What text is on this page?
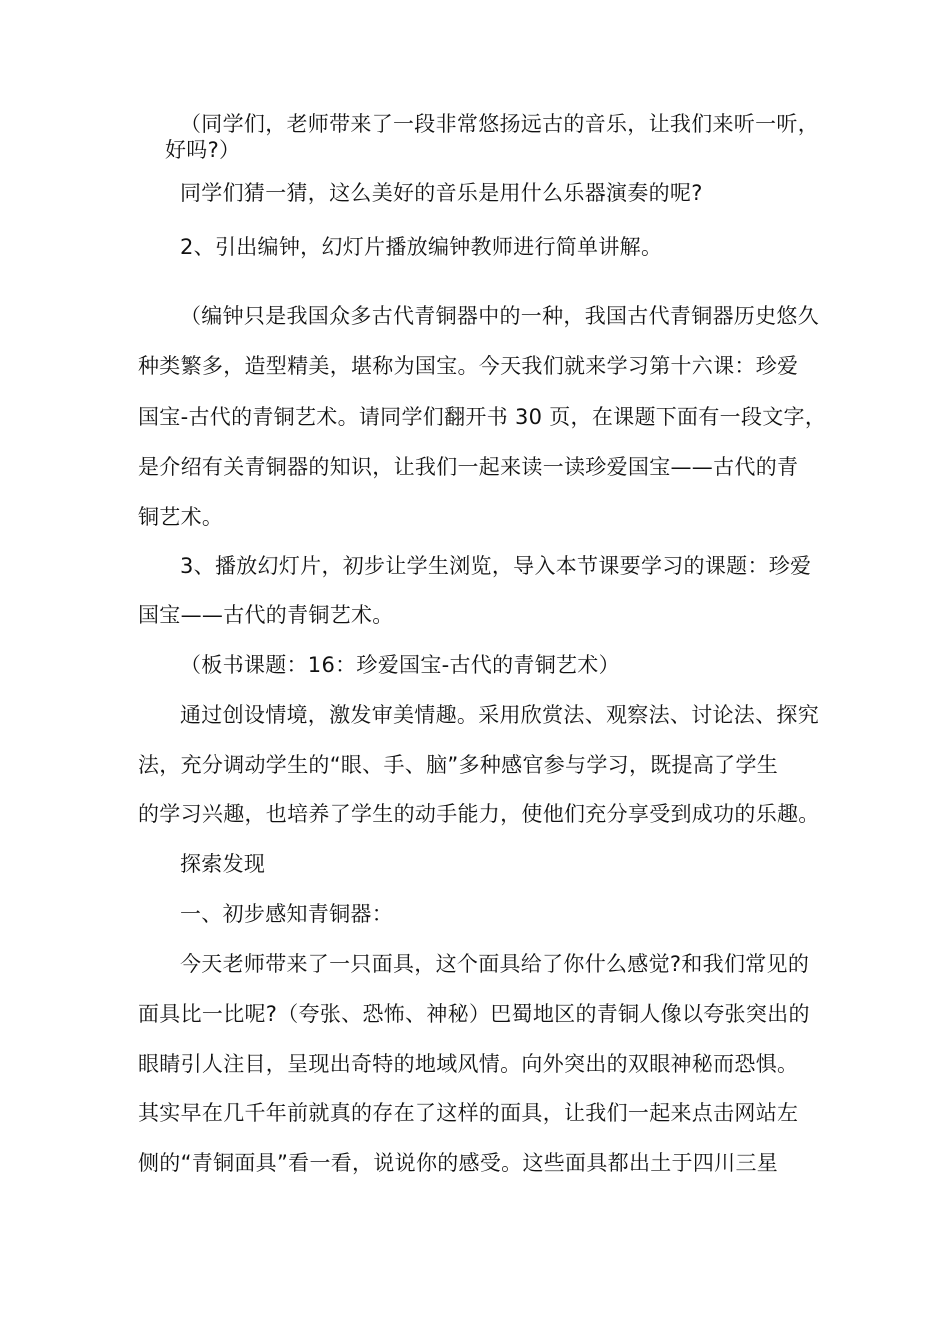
（同学们，老师带来了一段非常悠扬远古的音乐，让我们来听一听，
好吗?）
同学们猜一猜，这么美好的音乐是用什么乐器演奏的呢?
2、引出编钟，幻灯片播放编钟教师进行简单讲解。
（编钟只是我国众多古代青铜器中的一种，我国古代青铜器历史悠久
种类繁多，造型精美，堪称为国宝。今天我们就来学习第十六课：珍爱
国宝-古代的青铜艺术。请同学们翻开书 30 页，在课题下面有一段文字，
是介绍有关青铜器的知识，让我们一起来读一读珍爱国宝——古代的青
铜艺术。
3、播放幻灯片，初步让学生浏览，导入本节课要学习的课题：珍爱
国宝——古代的青铜艺术。
（板书课题：16：珍爱国宝-古代的青铜艺术）
通过创设情境，激发审美情趣。采用欣赏法、观察法、讨论法、探究
法，充分调动学生的“眼、手、脑”多种感官参与学习，既提高了学生
的学习兴趣，也培养了学生的动手能力，使他们充分享受到成功的乐趣。
探索发现
一、初步感知青铜器：
今天老师带来了一只面具，这个面具给了你什么感觉?和我们常见的
面具比一比呢?（夸张、恐怖、神秘）巴蜀地区的青铜人像以夸张突出的
眼睛引人注目，呈现出奇特的地域风情。向外突出的双眼神秘而恐惧。
其实早在几千年前就真的存在了这样的面具，让我们一起来点击网站左
侧的“青铜面具”看一看，说说你的感受。这些面具都出土于四川三星
